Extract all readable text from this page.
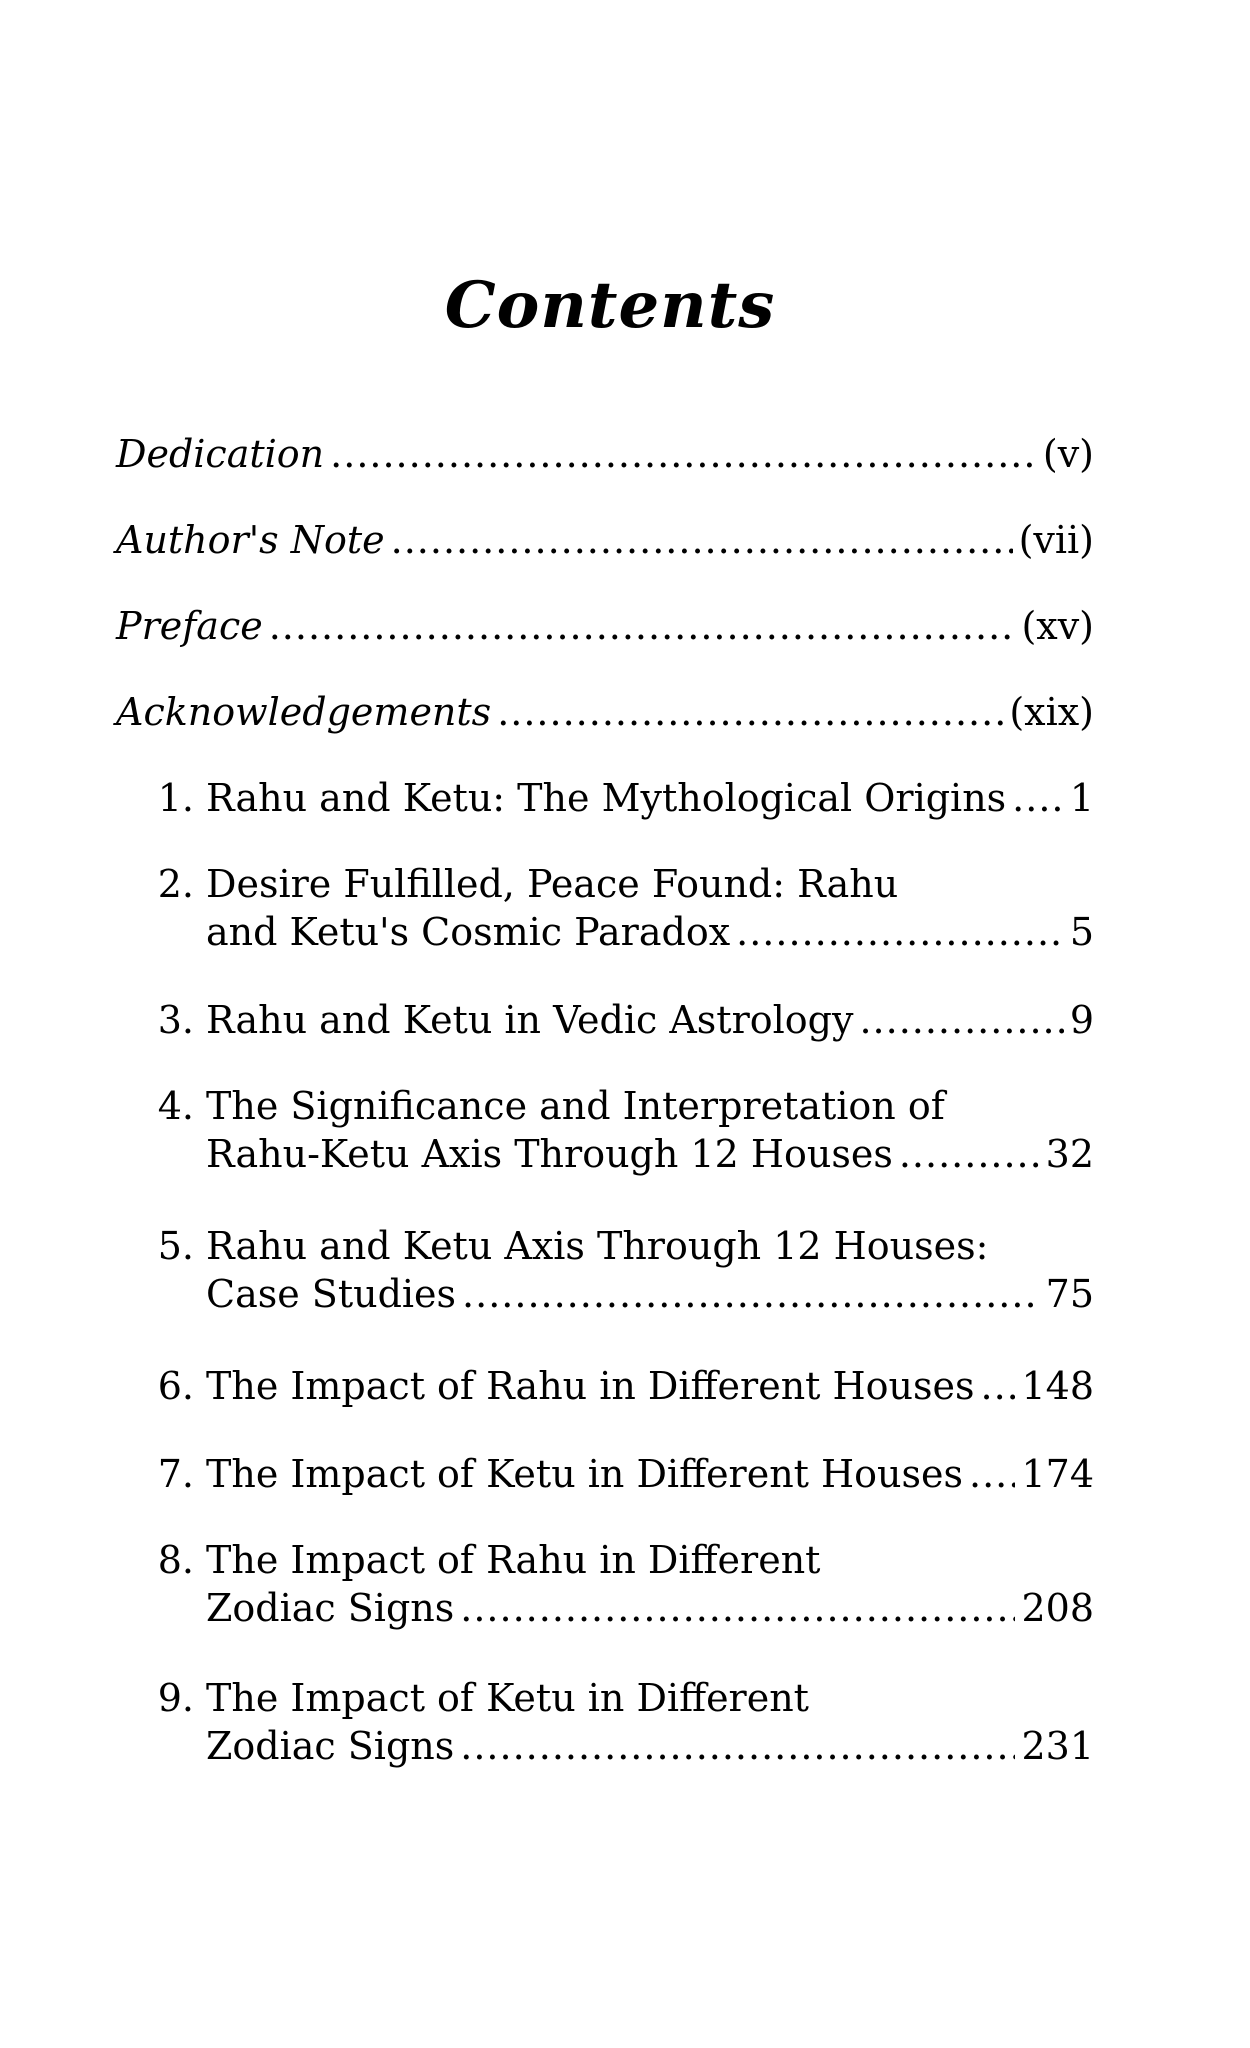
Contents
Dedication .....	(v)
Author's Note .....	(vii)
Preface .....	(xv)
Acknowledgements .....	(xix)
1. Rahu and Ketu: The Mythological Origins ..... 1
2. Desire Fulfilled, Peace Found: Rahu
and Ketu's Cosmic Paradox .....	5
3. Rahu and Ketu in Vedic Astrology .....	9
4. The Significance and Interpretation of
Rahu-Ketu Axis Through 12 Houses .....	32
5. Rahu and Ketu Axis Through 12 Houses:
Case Studies .....	75
6. The Impact of Rahu in Different Houses ..... 148
7. The Impact of Ketu in Different Houses ..... 174
8. The Impact of Rahu in Different
Zodiac Signs .....	208
9. The Impact of Ketu in Different
Zodiac Signs .....	231
